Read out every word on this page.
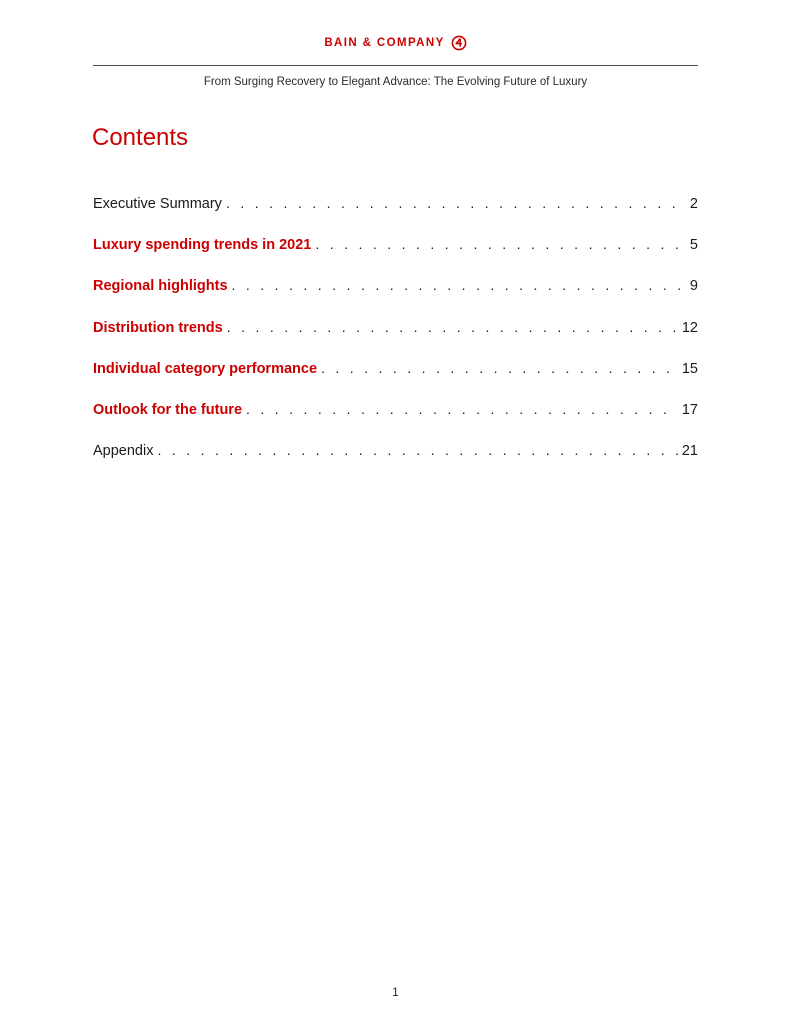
BAIN & COMPANY
From Surging Recovery to Elegant Advance: The Evolving Future of Luxury
Contents
Executive Summary . . .	2
Luxury spending trends in 2021 . . .	5
Regional highlights . . .	9
Distribution trends . . .	12
Individual category performance . . .	15
Outlook for the future . . .	17
Appendix . . .	21
1
